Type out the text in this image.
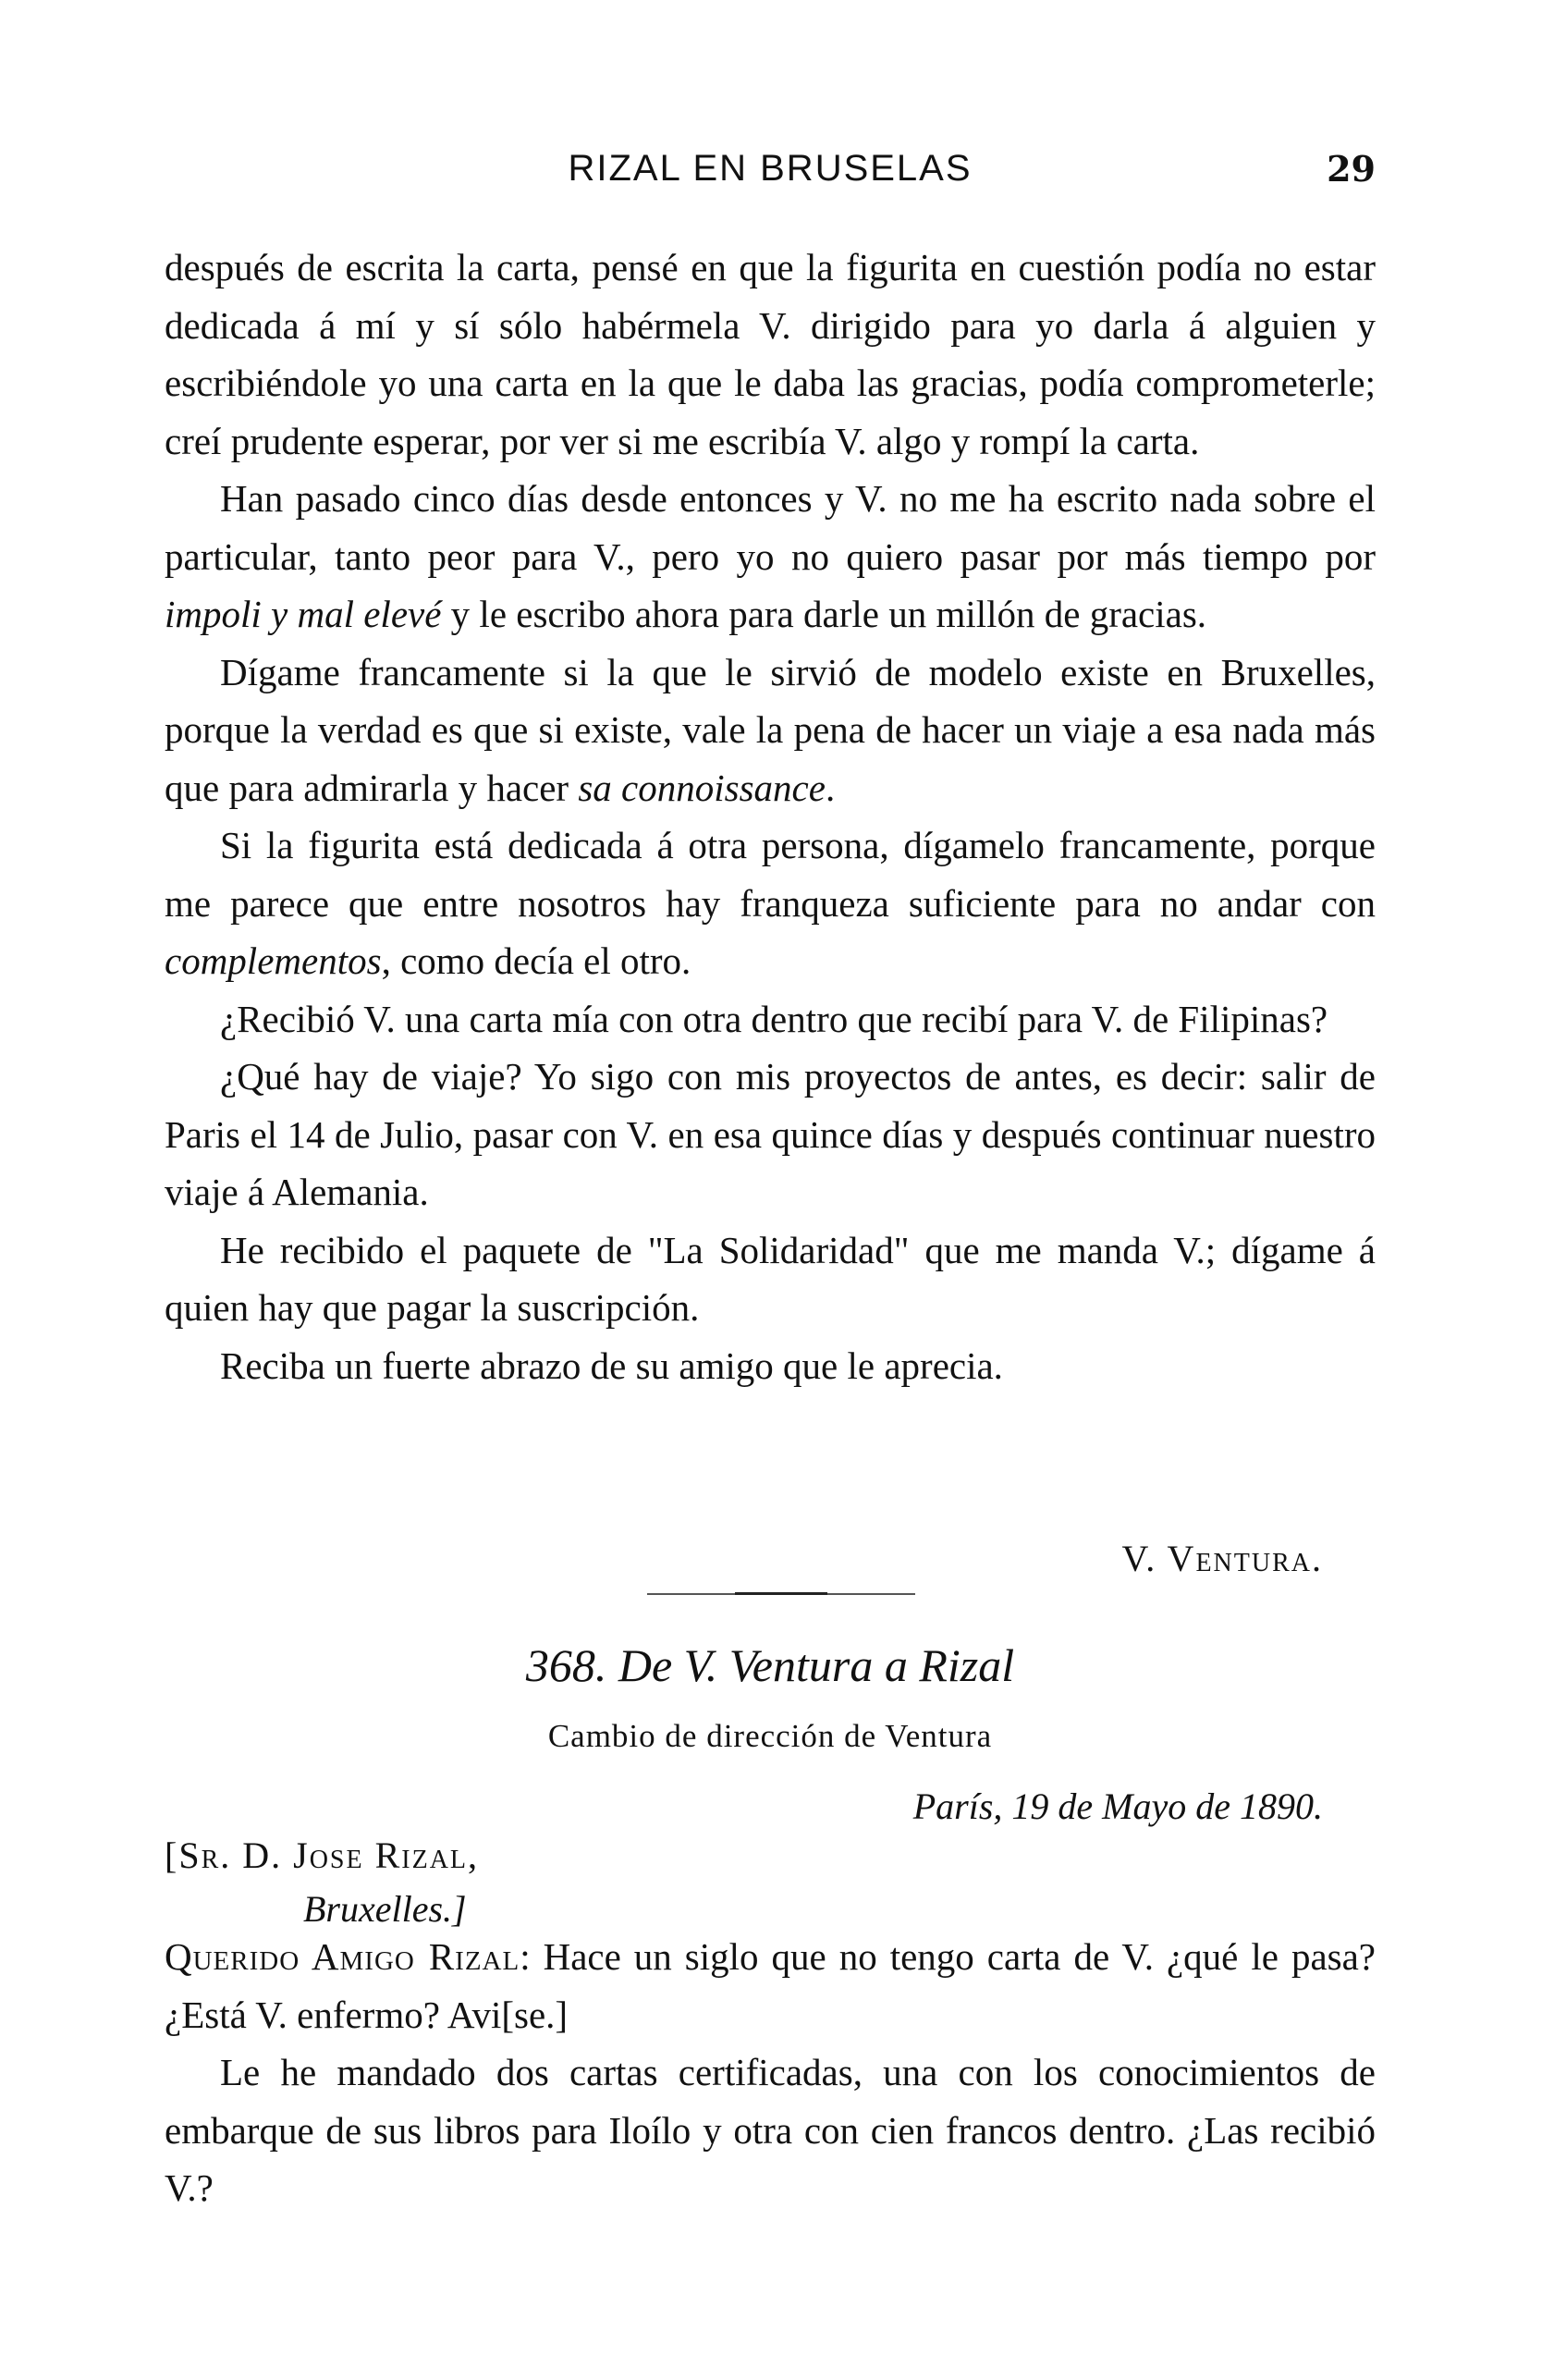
RIZAL EN BRUSELAS	29

después de escrita la carta, pensé en que la figurita en cuestión podía no estar dedicada á mí y sí sólo habérmela V. dirigido para yo darla á alguien y escribiéndole yo una carta en la que le daba las gracias, podía comprometerle; creí prudente esperar, por ver si me escribía V. algo y rompí la carta.

Han pasado cinco días desde entonces y V. no me ha escrito nada sobre el particular, tanto peor para V., pero yo no quiero pasar por más tiempo por impoli y mal elevé y le escribo ahora para darle un millón de gracias.

Dígame francamente si la que le sirvió de modelo existe en Bruxelles, porque la verdad es que si existe, vale la pena de hacer un viaje a esa nada más que para admirarla y hacer sa connoissance.

Si la figurita está dedicada á otra persona, dígamelo francamente, porque me parece que entre nosotros hay franqueza suficiente para no andar con complementos, como decía el otro.

¿Recibió V. una carta mía con otra dentro que recibí para V. de Filipinas?

¿Qué hay de viaje? Yo sigo con mis proyectos de antes, es decir: salir de Paris el 14 de Julio, pasar con V. en esa quince días y después continuar nuestro viaje á Alemania.

He recibido el paquete de "La Solidaridad" que me manda V.; dígame á quien hay que pagar la suscripción.

Reciba un fuerte abrazo de su amigo que le aprecia.

V. Ventura.
368. De V. Ventura a Rizal
Cambio de dirección de Ventura
París, 19 de Mayo de 1890.
[Sr. D. Jose Rizal,
Bruxelles.]

Querido Amigo Rizal: Hace un siglo que no tengo carta de V. ¿qué le pasa? ¿Está V. enfermo? Avi[se.]

Le he mandado dos cartas certificadas, una con los conocimientos de embarque de sus libros para Iloílo y otra con cien francos dentro. ¿Las recibió V.?
